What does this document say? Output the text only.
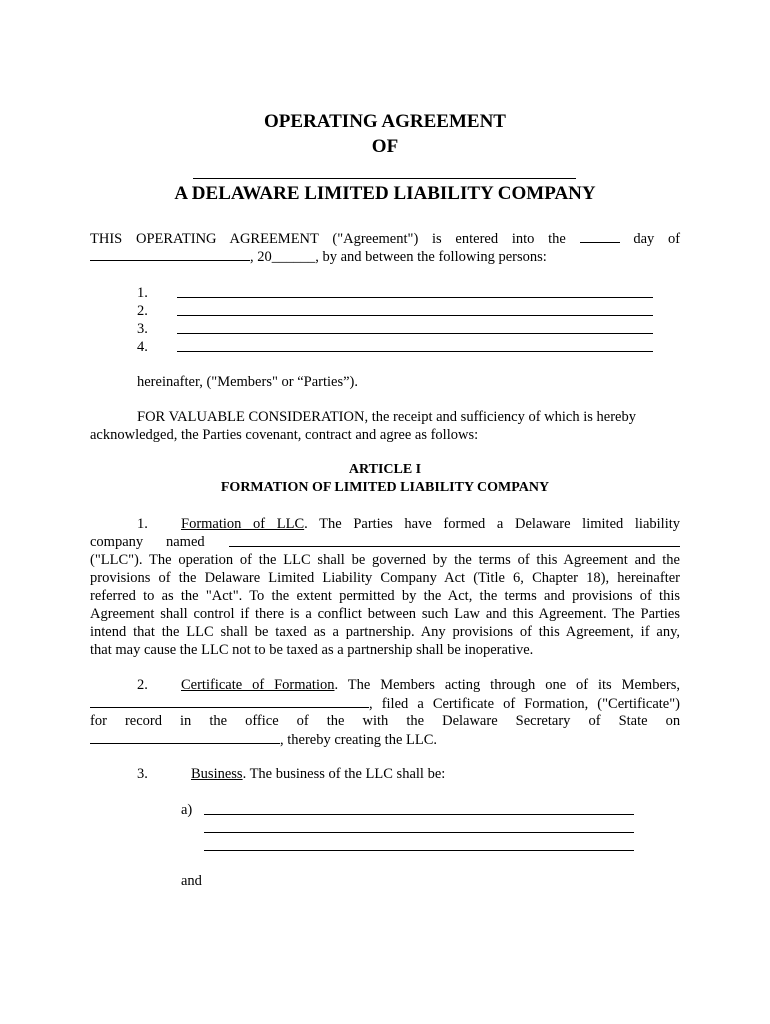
OPERATING AGREEMENT
OF
A DELAWARE LIMITED LIABILITY COMPANY
THIS OPERATING AGREEMENT ("Agreement") is entered into the	day of
, 20______, by and between the following persons:
1.
2.
3.
4.
hereinafter, ("Members" or “Parties”).
FOR VALUABLE CONSIDERATION, the receipt and sufficiency of which is hereby
acknowledged, the Parties covenant, contract and agree as follows:
ARTICLE I
FORMATION OF LIMITED LIABILITY COMPANY
1. Formation of LLC. The Parties have formed a Delaware limited liability
company named
("LLC"). The operation of the LLC shall be governed by the terms of this Agreement and the
provisions of the Delaware Limited Liability Company Act (Title 6, Chapter 18), hereinafter
referred to as the "Act". To the extent permitted by the Act, the terms and provisions of this
Agreement shall control if there is a conflict between such Law and this Agreement. The Parties
intend that the LLC shall be taxed as a partnership. Any provisions of this Agreement, if any,
that may cause the LLC not to be taxed as a partnership shall be inoperative.
2. Certificate of Formation. The Members acting through one of its Members,
, filed a Certificate of Formation, ("Certificate")
for record in the office of the with the Delaware Secretary of State on
, thereby creating the LLC.
3.	Business. The business of the LLC shall be:
a)
and
